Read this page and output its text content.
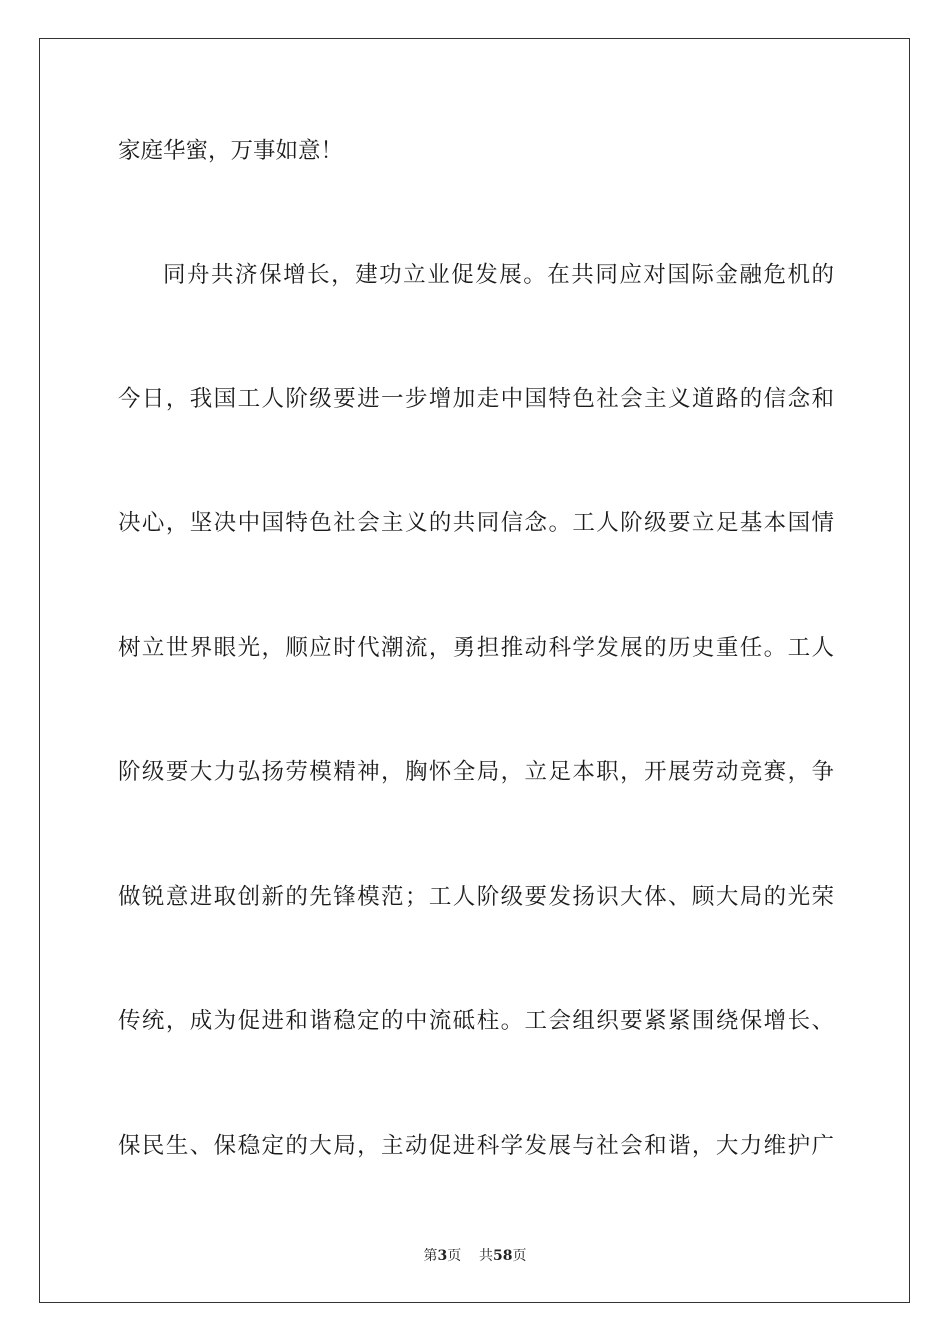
家庭华蜜，万事如意！
同舟共济保增长，建功立业促发展。在共同应对国际金融危机的
今日，我国工人阶级要进一步增加走中国特色社会主义道路的信念和
决心，坚决中国特色社会主义的共同信念。工人阶级要立足基本国情
树立世界眼光，顺应时代潮流，勇担推动科学发展的历史重任。工人
阶级要大力弘扬劳模精神，胸怀全局，立足本职，开展劳动竞赛，争
做锐意进取创新的先锋模范；工人阶级要发扬识大体、顾大局的光荣
传统，成为促进和谐稳定的中流砥柱。工会组织要紧紧围绕保增长、
保民生、保稳定的大局，主动促进科学发展与社会和谐，大力维护广
第3页 共58页
